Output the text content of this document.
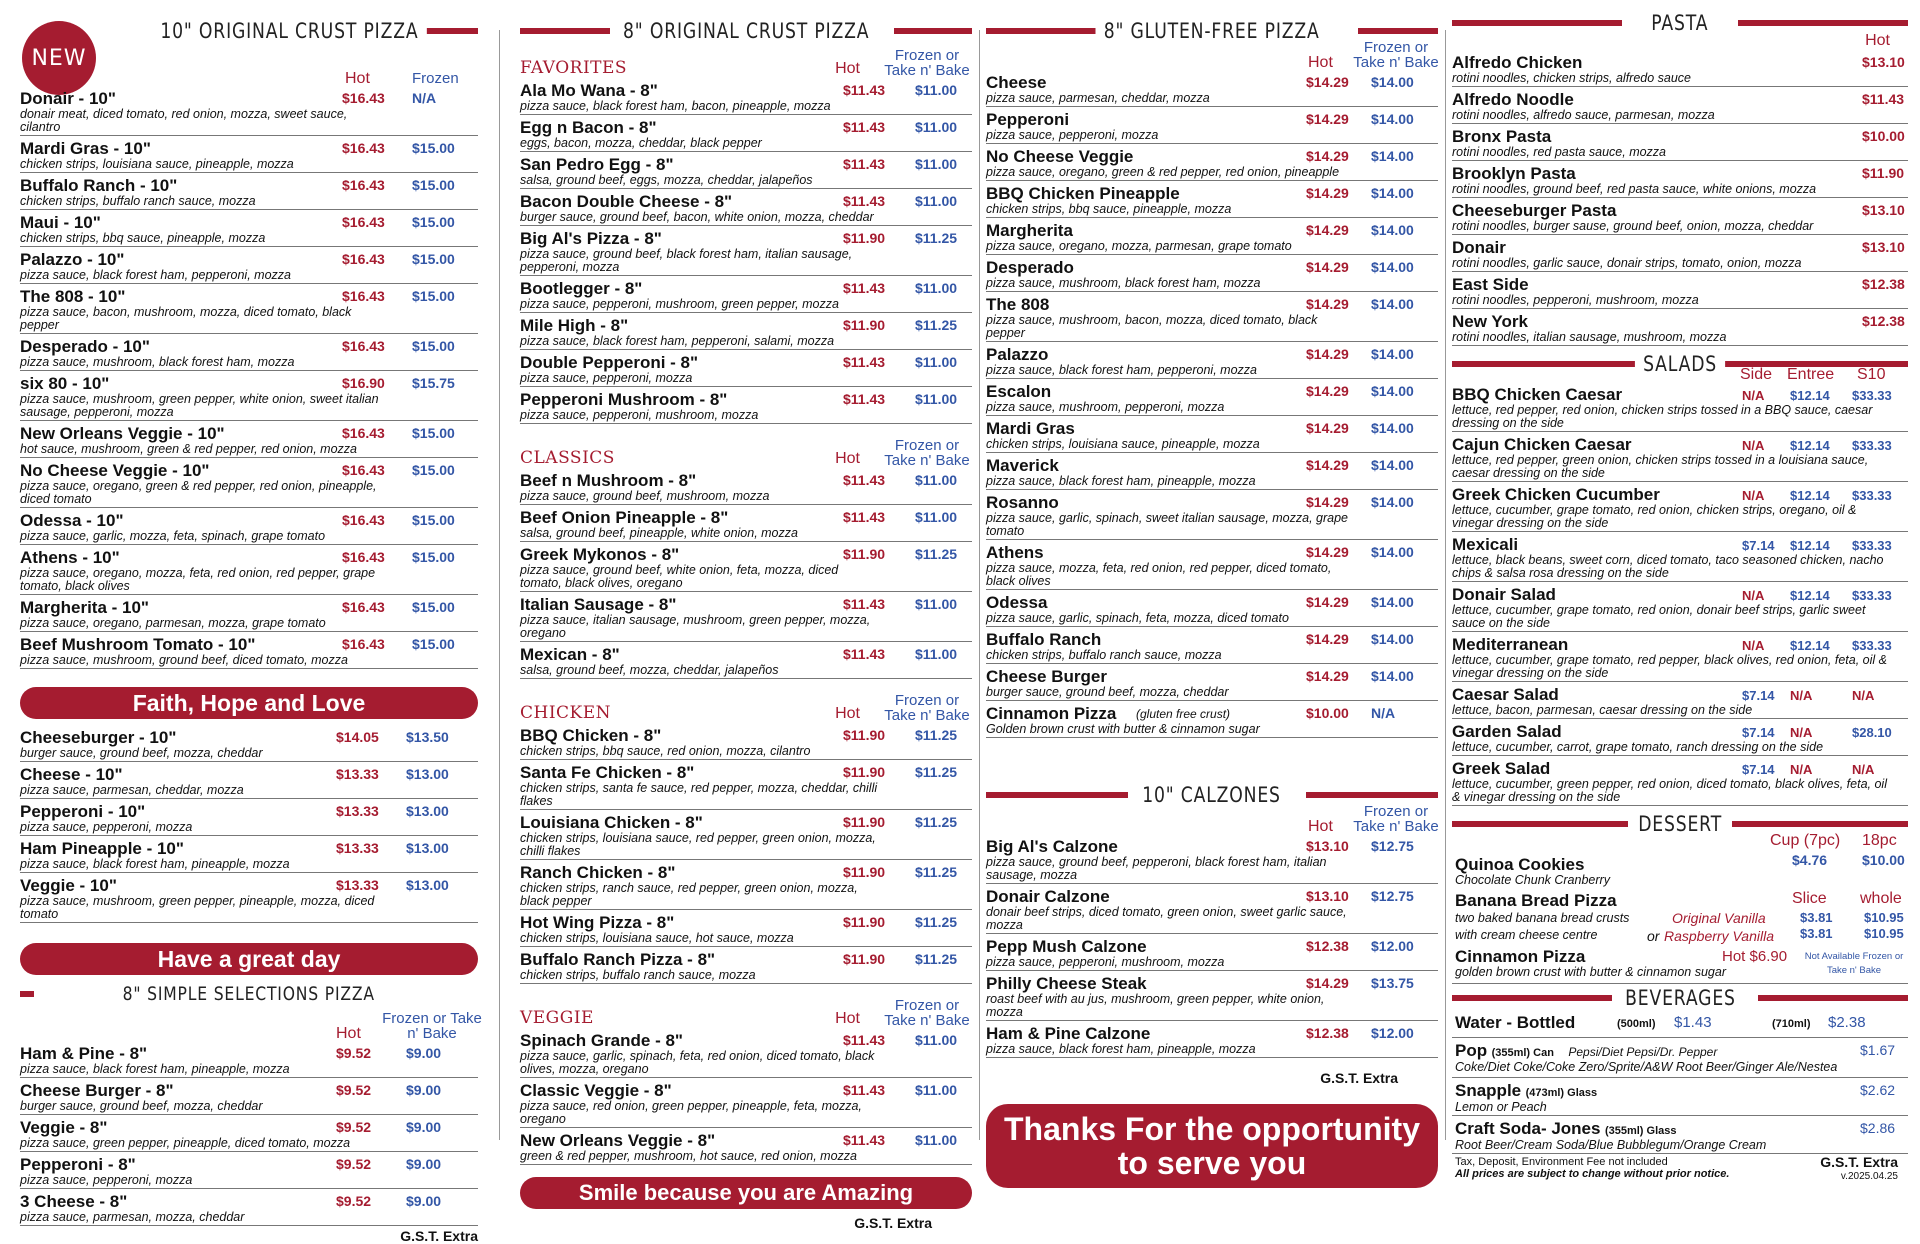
NEW
10" ORIGINAL CRUST PIZZA
Hot	Frozen
Donair - 10"
donair meat, diced tomato, red onion, mozza, sweet sauce, cilantro
$16.43 N/A
Mardi Gras - 10"
chicken strips, louisiana sauce, pineapple, mozza
$16.43 $15.00
Buffalo Ranch - 10"
chicken strips, buffalo ranch sauce, mozza
$16.43 $15.00
Maui - 10"
chicken strips, bbq sauce, pineapple, mozza
$16.43 $15.00
Palazzo - 10"
pizza sauce, black forest ham, pepperoni, mozza
$16.43 $15.00
The 808 - 10"
pizza sauce, bacon, mushroom, mozza, diced tomato, black pepper
$16.43 $15.00
Desperado - 10"
pizza sauce, mushroom, black forest ham, mozza
$16.43 $15.00
six 80 - 10"
pizza sauce, mushroom, green pepper, white onion, sweet italian sausage, pepperoni, mozza
$16.90 $15.75
New Orleans Veggie - 10"
hot sauce, mushroom, green & red pepper, red onion, mozza
$16.43 $15.00
No Cheese Veggie - 10"
pizza sauce, oregano, green & red pepper, red onion, pineapple, diced tomato
$16.43 $15.00
Odessa - 10"
pizza sauce, garlic, mozza, feta, spinach, grape tomato
$16.43 $15.00
Athens - 10"
pizza sauce, oregano, mozza, feta, red onion, red pepper, grape tomato, black olives
$16.43 $15.00
Margherita - 10"
pizza sauce, oregano, parmesan, mozza, grape tomato
$16.43 $15.00
Beef Mushroom Tomato - 10"
pizza sauce, mushroom, ground beef, diced tomato, mozza
$16.43 $15.00
Faith, Hope and Love
Cheeseburger - 10"
burger sauce, ground beef, mozza, cheddar
$14.05 $13.50
Cheese - 10"
pizza sauce, parmesan, cheddar, mozza
$13.33 $13.00
Pepperoni - 10"
pizza sauce, pepperoni, mozza
$13.33 $13.00
Ham Pineapple - 10"
pizza sauce, black forest ham, pineapple, mozza
$13.33 $13.00
Veggie - 10"
pizza sauce, mushroom, green pepper, pineapple, mozza, diced tomato
$13.33 $13.00
Have a great day
8" SIMPLE SELECTIONS PIZZA
Hot
Frozen or Take n' Bake
Ham & Pine - 8"
pizza sauce, black forest ham, pineapple, mozza
$9.52 $9.00
Cheese Burger - 8"
burger sauce, ground beef, mozza, cheddar
$9.52 $9.00
Veggie - 8"
pizza sauce, green pepper, pineapple, diced tomato, mozza
$9.52 $9.00
Pepperoni - 8"
pizza sauce, pepperoni, mozza
$9.52 $9.00
3 Cheese - 8"
pizza sauce, parmesan, mozza, cheddar
$9.52 $9.00
G.S.T. Extra
8" ORIGINAL CRUST PIZZA
FAVORITES	Hot
Frozen or Take n' Bake
Ala Mo Wana - 8"
pizza sauce, black forest ham, bacon, pineapple, mozza
$11.43 $11.00
Egg n Bacon - 8"
eggs, bacon, mozza, cheddar, black pepper
$11.43 $11.00
San Pedro Egg - 8"
salsa, ground beef, eggs, mozza, cheddar, jalapeños
$11.43 $11.00
Bacon Double Cheese - 8"
burger sauce, ground beef, bacon, white onion, mozza, cheddar
$11.43 $11.00
Big Al's Pizza - 8"
pizza sauce, ground beef, black forest ham, italian sausage, pepperoni, mozza
$11.90 $11.25
Bootlegger - 8"
pizza sauce, pepperoni, mushroom, green pepper, mozza
$11.43 $11.00
Mile High - 8"
pizza sauce, black forest ham, pepperoni, salami, mozza
$11.90 $11.25
Double Pepperoni - 8"
pizza sauce, pepperoni, mozza
$11.43 $11.00
Pepperoni Mushroom - 8"
pizza sauce, pepperoni, mushroom, mozza
$11.43 $11.00
CLASSICS	Hot
Frozen or Take n' Bake
Beef n Mushroom - 8"
pizza sauce, ground beef, mushroom, mozza
$11.43 $11.00
Beef Onion Pineapple - 8"
salsa, ground beef, pineapple, white onion, mozza
$11.43 $11.00
Greek Mykonos - 8"
pizza sauce, ground beef, white onion, feta, mozza, diced tomato, black olives, oregano
$11.90 $11.25
Italian Sausage - 8"
pizza sauce, italian sausage, mushroom, green pepper, mozza, oregano
$11.43 $11.00
Mexican - 8"
salsa, ground beef, mozza, cheddar, jalapeños
$11.43 $11.00
CHICKEN	Hot
Frozen or Take n' Bake
BBQ Chicken - 8"
chicken strips, bbq sauce, red onion, mozza, cilantro
$11.90 $11.25
Santa Fe Chicken - 8"
chicken strips, santa fe sauce, red pepper, mozza, cheddar, chilli flakes
$11.90 $11.25
Louisiana Chicken - 8"
chicken strips, louisiana sauce, red pepper, green onion, mozza, chilli flakes
$11.90 $11.25
Ranch Chicken - 8"
chicken strips, ranch sauce, red pepper, green onion, mozza, black pepper
$11.90 $11.25
Hot Wing Pizza - 8"
chicken strips, louisiana sauce, hot sauce, mozza
$11.90 $11.25
Buffalo Ranch Pizza - 8"
chicken strips, buffalo ranch sauce, mozza
$11.90 $11.25
VEGGIE	Hot
Frozen or Take n' Bake
Spinach Grande - 8"
pizza sauce, garlic, spinach, feta, red onion, diced tomato, black olives, mozza, oregano
$11.43 $11.00
Classic Veggie - 8"
pizza sauce, red onion, green pepper, pineapple, feta, mozza, oregano
$11.43 $11.00
New Orleans Veggie - 8"
green & red pepper, mushroom, hot sauce, red onion, mozza
$11.43 $11.00
Smile because you are Amazing
G.S.T. Extra
8" GLUTEN-FREE PIZZA
Hot
Frozen or Take n' Bake
Cheese
pizza sauce, parmesan, cheddar, mozza
$14.29 $14.00
Pepperoni
pizza sauce, pepperoni, mozza
$14.29 $14.00
No Cheese Veggie
pizza sauce, oregano, green & red pepper, red onion, pineapple
$14.29 $14.00
BBQ Chicken Pineapple
chicken strips, bbq sauce, pineapple, mozza
$14.29 $14.00
Margherita
pizza sauce, oregano, mozza, parmesan, grape tomato
$14.29 $14.00
Desperado
pizza sauce, mushroom, black forest ham, mozza
$14.29 $14.00
The 808
pizza sauce, mushroom, bacon, mozza, diced tomato, black pepper
$14.29 $14.00
Palazzo
pizza sauce, black forest ham, pepperoni, mozza
$14.29 $14.00
Escalon
pizza sauce, mushroom, pepperoni, mozza
$14.29 $14.00
Mardi Gras
chicken strips, louisiana sauce, pineapple, mozza
$14.29 $14.00
Maverick
pizza sauce, black forest ham, pineapple, mozza
$14.29 $14.00
Rosanno
pizza sauce, garlic, spinach, sweet italian sausage, mozza, grape tomato
$14.29 $14.00
Athens
pizza sauce, mozza, feta, red onion, red pepper, diced tomato, black olives
$14.29 $14.00
Odessa
pizza sauce, garlic, spinach, feta, mozza, diced tomato
$14.29 $14.00
Buffalo Ranch
chicken strips, buffalo ranch sauce, mozza
$14.29 $14.00
Cheese Burger
burger sauce, ground beef, mozza, cheddar
$14.29 $14.00
Cinnamon Pizza	(gluten free crust)
Golden brown crust with butter & cinnamon sugar
$10.00 N/A
10" CALZONES
Hot
Frozen or Take n' Bake
Big Al's Calzone
pizza sauce, ground beef, pepperoni, black forest ham, italian sausage, mozza
$13.10 $12.75
Donair Calzone
donair beef strips, diced tomato, green onion, sweet garlic sauce, mozza
$13.10 $12.75
Pepp Mush Calzone
pizza sauce, pepperoni, mushroom, mozza
$12.38 $12.00
Philly Cheese Steak
roast beef with au jus, mushroom, green pepper, white onion, mozza
$14.29 $13.75
Ham & Pine Calzone
pizza sauce, black forest ham, pineapple, mozza
$12.38 $12.00
G.S.T. Extra
Thanks For the opportunity to serve you
PASTA
Hot
Alfredo Chicken
rotini noodles, chicken strips, alfredo sauce
$13.10
Alfredo Noodle
rotini noodles, alfredo sauce, parmesan, mozza
$11.43
Bronx Pasta
rotini noodles, red pasta sauce, mozza
$10.00
Brooklyn Pasta
rotini noodles, ground beef, red pasta sauce, white onions, mozza
$11.90
Cheeseburger Pasta
rotini noodles, burger sause, ground beef, onion, mozza, cheddar
$13.10
Donair
rotini noodles, garlic sauce, donair strips, tomato, onion, mozza
$13.10
East Side
rotini noodles, pepperoni, mushroom, mozza
$12.38
New York
rotini noodles, italian sausage, mushroom, mozza
$12.38
SALADS	Side Entree S10
BBQ Chicken Caesar
lettuce, red pepper, red onion, chicken strips tossed in a BBQ sauce, caesar dressing on the side
N/A $12.14 $33.33
Cajun Chicken Caesar
lettuce, red pepper, green onion, chicken strips tossed in a louisiana sauce, caesar dressing on the side
N/A $12.14 $33.33
Greek Chicken Cucumber
lettuce, cucumber, grape tomato, red onion, chicken strips, oregano, oil & vinegar dressing on the side
N/A $12.14 $33.33
Mexicali
lettuce, black beans, sweet corn, diced tomato, taco seasoned chicken, nacho chips & salsa rosa dressing on the side
$7.14 $12.14 $33.33
Donair Salad
lettuce, cucumber, grape tomato, red onion, donair beef strips, garlic sweet sauce on the side
N/A $12.14 $33.33
Mediterranean
lettuce, cucumber, grape tomato, red pepper, black olives, red onion, feta, oil & vinegar dressing on the side
N/A $12.14 $33.33
Caesar Salad
lettuce, bacon, parmesan, caesar dressing on the side
$7.14 N/A	N/A
Garden Salad
lettuce, cucumber, carrot, grape tomato, ranch dressing on the side
$7.14 N/A	$28.10
Greek Salad
lettuce, cucumber, green pepper, red onion, diced tomato, black olives, feta, oil & vinegar dressing on the side
$7.14 N/A	N/A
DESSERT
Cup (7pc) 18pc
Quinoa Cookies
Chocolate Chunk Cranberry
$4.76 $10.00
Banana Bread Pizza
two baked banana bread crusts
with cream cheese centre
Slice whole
Original Vanilla
or Raspberry Vanilla
$3.81 $10.95
$3.81 $10.95
Cinnamon Pizza
golden brown crust with butter & cinnamon sugar
Hot $6.90	Not Available Frozen or Take n' Bake
BEVERAGES
Water - Bottled	(500ml) $1.43	(710ml) $2.38
Pop (355ml) Can Pepsi/Diet Pepsi/Dr. Pepper
Coke/Diet Coke/Coke Zero/Sprite/A&W Root Beer/Ginger Ale/Nestea
$1.67
Snapple (473ml) Glass
Lemon or Peach
$2.62
Craft Soda- Jones (355ml) Glass
Root Beer/Cream Soda/Blue Bubblegum/Orange Cream
$2.86
Tax, Deposit, Environment Fee not included
All prices are subject to change without prior notice.
G.S.T. Extra
v.2025.04.25
